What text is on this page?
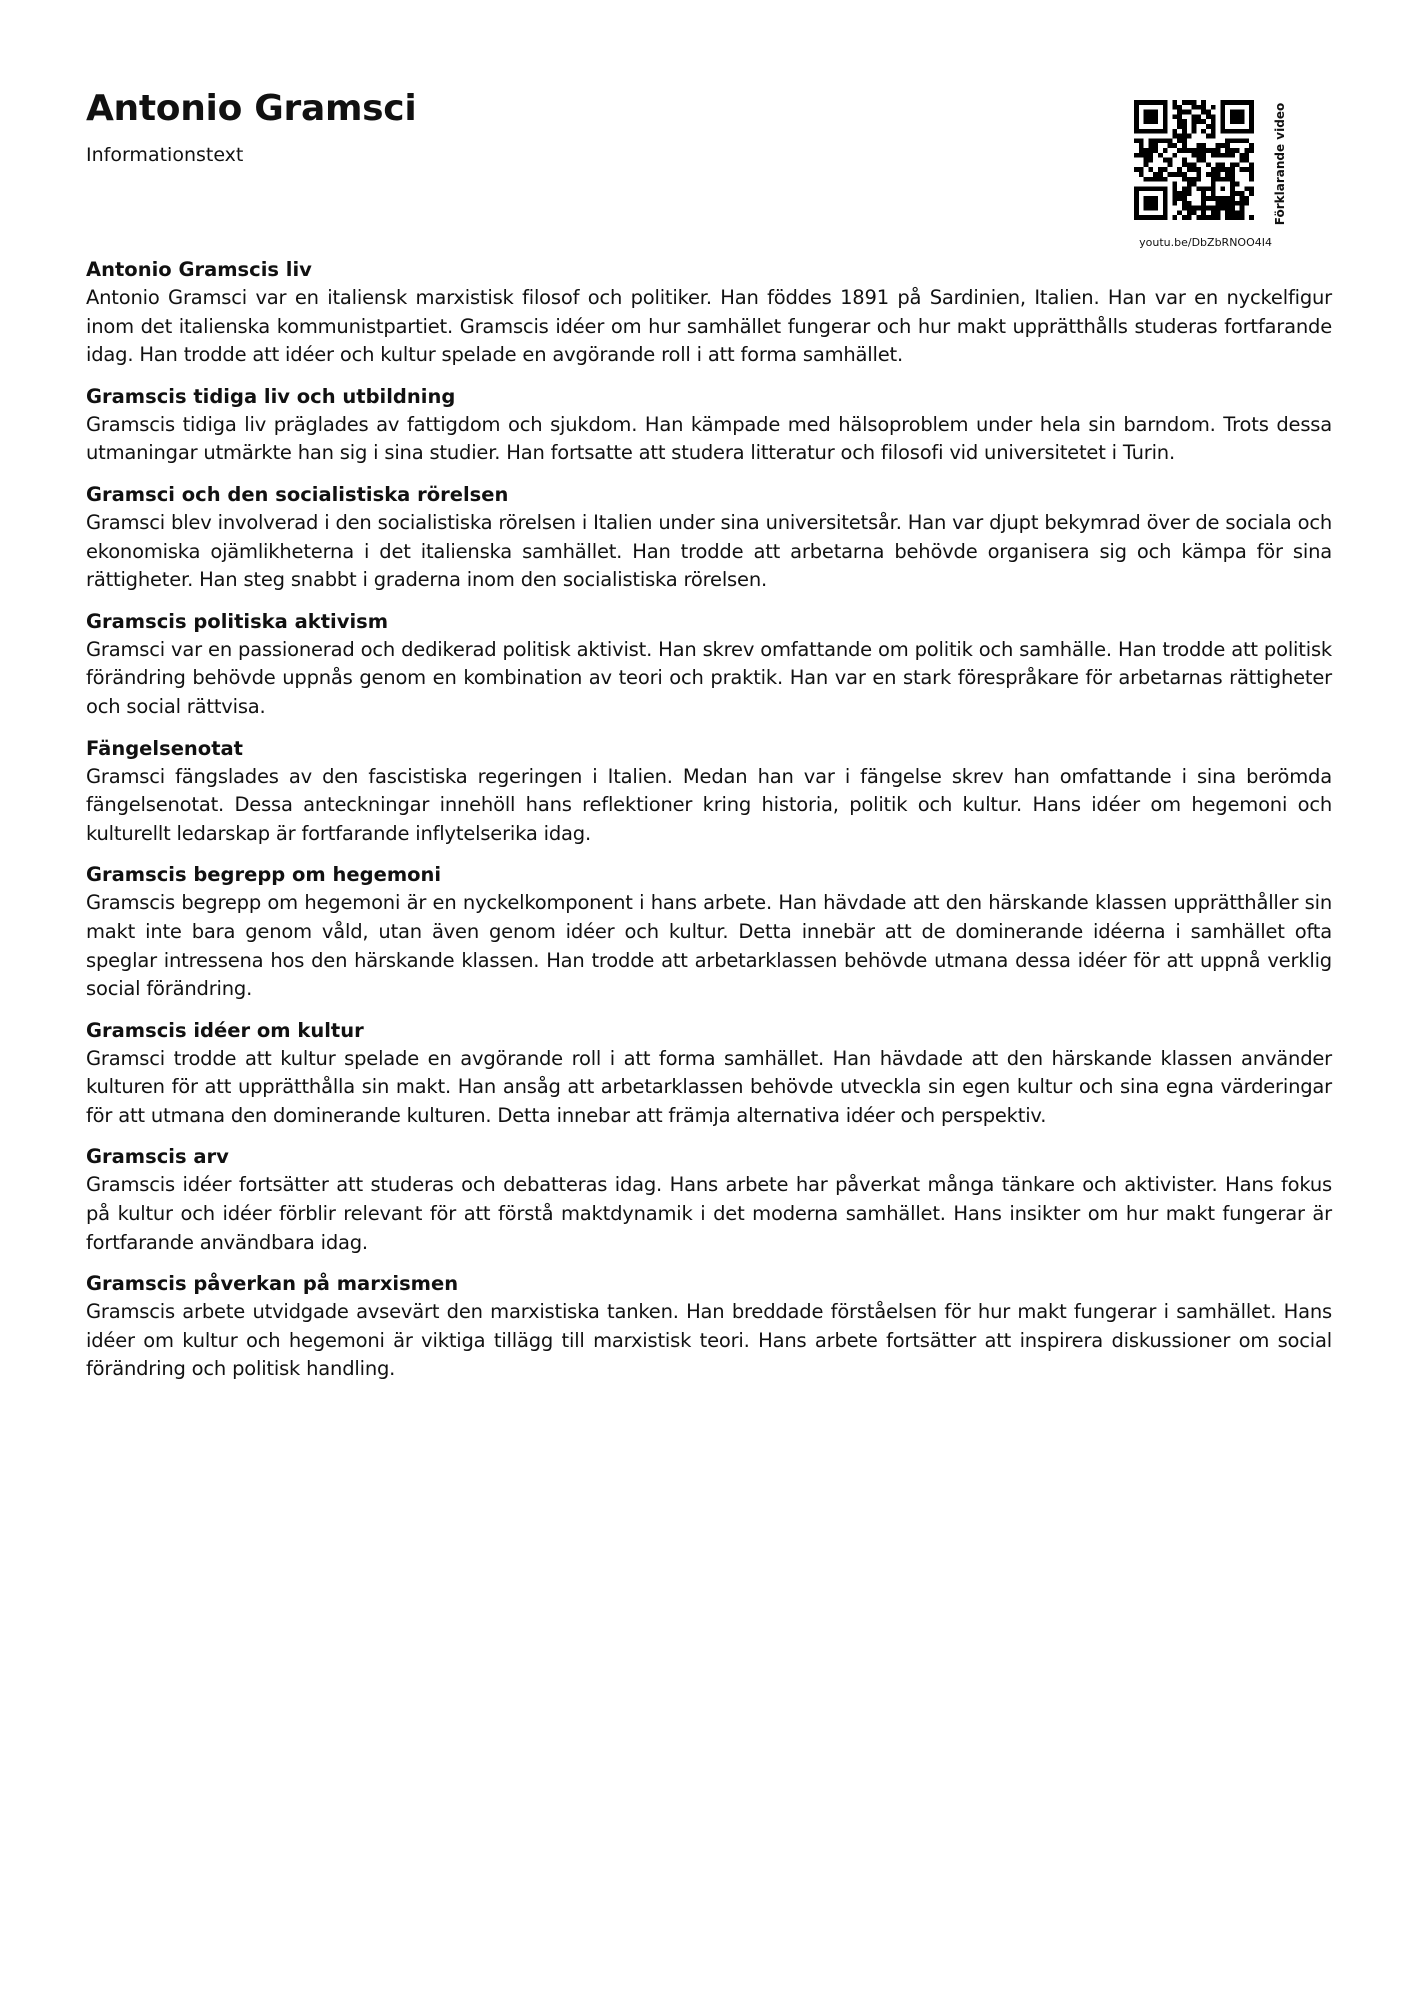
Antonio Gramsci
Informationstext	Förklarande video
youtu.be/DbZbRNOO4I4
Antonio Gramscis liv

Antonio Gramsci var en italiensk marxistisk filosof och politiker. Han föddes 1891 på Sardinien, Italien. Han var en nyckelfigur inom det italienska kommunistpartiet. Gramscis idéer om hur samhället fungerar och hur makt upprätthålls studeras fortfarande idag. Han trodde att idéer och kultur spelade en avgörande roll i att forma samhället.

Gramscis tidiga liv och utbildning

Gramscis tidiga liv präglades av fattigdom och sjukdom. Han kämpade med hälsoproblem under hela sin barndom. Trots dessa utmaningar utmärkte han sig i sina studier. Han fortsatte att studera litteratur och filosofi vid universitetet i Turin.

Gramsci och den socialistiska rörelsen

Gramsci blev involverad i den socialistiska rörelsen i Italien under sina universitetsår. Han var djupt bekymrad över de sociala och ekonomiska ojämlikheterna i det italienska samhället. Han trodde att arbetarna behövde organisera sig och kämpa för sina rättigheter. Han steg snabbt i graderna inom den socialistiska rörelsen.

Gramscis politiska aktivism

Gramsci var en passionerad och dedikerad politisk aktivist. Han skrev omfattande om politik och samhälle. Han trodde att politisk förändring behövde uppnås genom en kombination av teori och praktik. Han var en stark förespråkare för arbetarnas rättigheter och social rättvisa.

Fängelsenotat

Gramsci fängslades av den fascistiska regeringen i Italien. Medan han var i fängelse skrev han omfattande i sina berömda fängelsenotat. Dessa anteckningar innehöll hans reflektioner kring historia, politik och kultur. Hans idéer om hegemoni och kulturellt ledarskap är fortfarande inflytelserika idag.

Gramscis begrepp om hegemoni

Gramscis begrepp om hegemoni är en nyckelkomponent i hans arbete. Han hävdade att den härskande klassen upprätthåller sin makt inte bara genom våld, utan även genom idéer och kultur. Detta innebär att de dominerande idéerna i samhället ofta speglar intressena hos den härskande klassen. Han trodde att arbetarklassen behövde utmana dessa idéer för att uppnå verklig social förändring.

Gramscis idéer om kultur

Gramsci trodde att kultur spelade en avgörande roll i att forma samhället. Han hävdade att den härskande klassen använder kulturen för att upprätthålla sin makt. Han ansåg att arbetarklassen behövde utveckla sin egen kultur och sina egna värderingar för att utmana den dominerande kulturen. Detta innebar att främja alternativa idéer och perspektiv.

Gramscis arv

Gramscis idéer fortsätter att studeras och debatteras idag. Hans arbete har påverkat många tänkare och aktivister. Hans fokus på kultur och idéer förblir relevant för att förstå maktdynamik i det moderna samhället. Hans insikter om hur makt fungerar är fortfarande användbara idag.

Gramscis påverkan på marxismen

Gramscis arbete utvidgade avsevärt den marxistiska tanken. Han breddade förståelsen för hur makt fungerar i samhället. Hans idéer om kultur och hegemoni är viktiga tillägg till marxistisk teori. Hans arbete fortsätter att inspirera diskussioner om social förändring och politisk handling.
